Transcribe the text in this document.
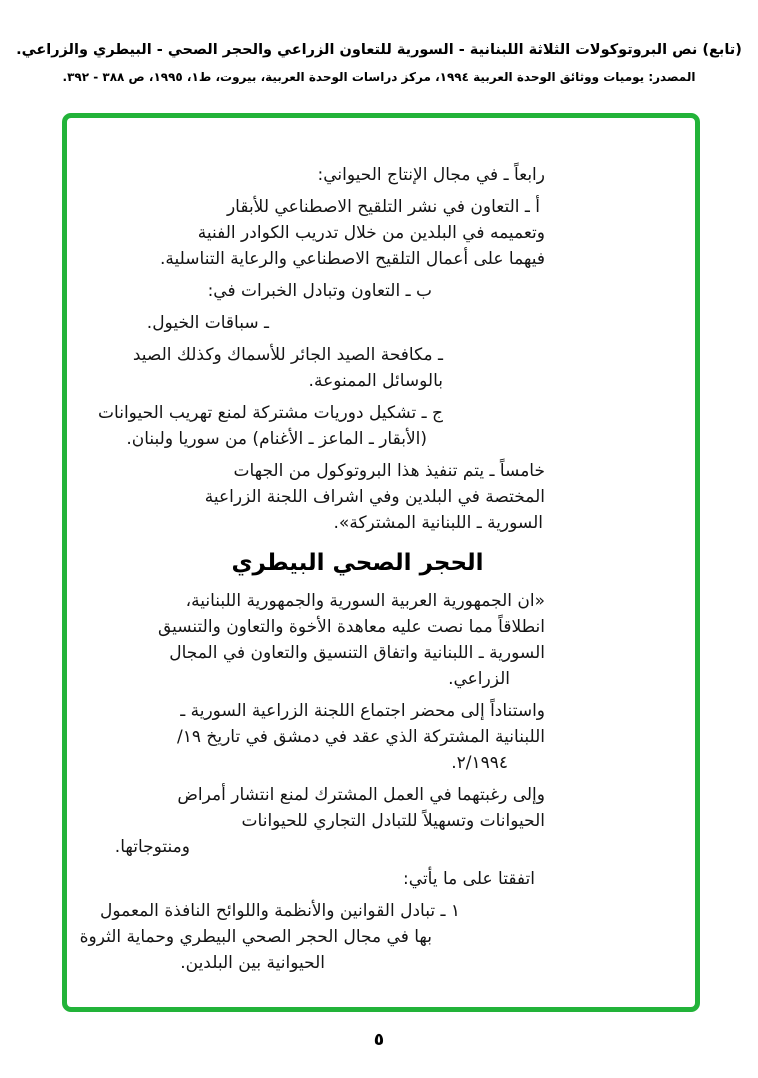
(تابع) نص البروتوكولات الثلاثة اللبنانية - السورية للتعاون الزراعي والحجر الصحي - البيطري والزراعي.
المصدر: يوميات ووثائق الوحدة العربية ١٩٩٤، مركز دراسات الوحدة العربية، بيروت، ط١، ١٩٩٥، ص ٣٨٨ - ٣٩٢.
رابعاً ـ في مجال الإنتاج الحيواني:
أ ـ التعاون في نشر التلقيح الاصطناعي للأبقار
وتعميمه في البلدين من خلال تدريب الكوادر الفنية
فيهما على أعمال التلقيح الاصطناعي والرعاية التناسلية.
ب ـ التعاون وتبادل الخبرات في:
ـ سباقات الخيول.
ـ مكافحة الصيد الجائر للأسماك وكذلك الصيد
بالوسائل الممنوعة.
ج ـ تشكيل دوريات مشتركة لمنع تهريب الحيوانات
(الأبقار ـ الماعز ـ الأغنام) من سوريا ولبنان.
خامساً ـ يتم تنفيذ هذا البروتوكول من الجهات
المختصة في البلدين وفي اشراف اللجنة الزراعية
السورية ـ اللبنانية المشتركة».
الحجر الصحي البيطري
«ان الجمهورية العربية السورية والجمهورية اللبنانية،
انطلاقاً مما نصت عليه معاهدة الأخوة والتعاون والتنسيق
السورية ـ اللبنانية واتفاق التنسيق والتعاون في المجال
الزراعي.
واستناداً إلى محضر اجتماع اللجنة الزراعية السورية ـ
اللبنانية المشتركة الذي عقد في دمشق في تاريخ ١٩/
٢/١٩٩٤.
وإلى رغبتهما في العمل المشترك لمنع انتشار أمراض
الحيوانات وتسهيلاً للتبادل التجاري للحيوانات
ومنتوجاتها.
اتفقتا على ما يأتي:
١ ـ تبادل القوانين والأنظمة واللوائح النافذة المعمول
بها في مجال الحجر الصحي البيطري وحماية الثروة
الحيوانية بين البلدين.
٥
